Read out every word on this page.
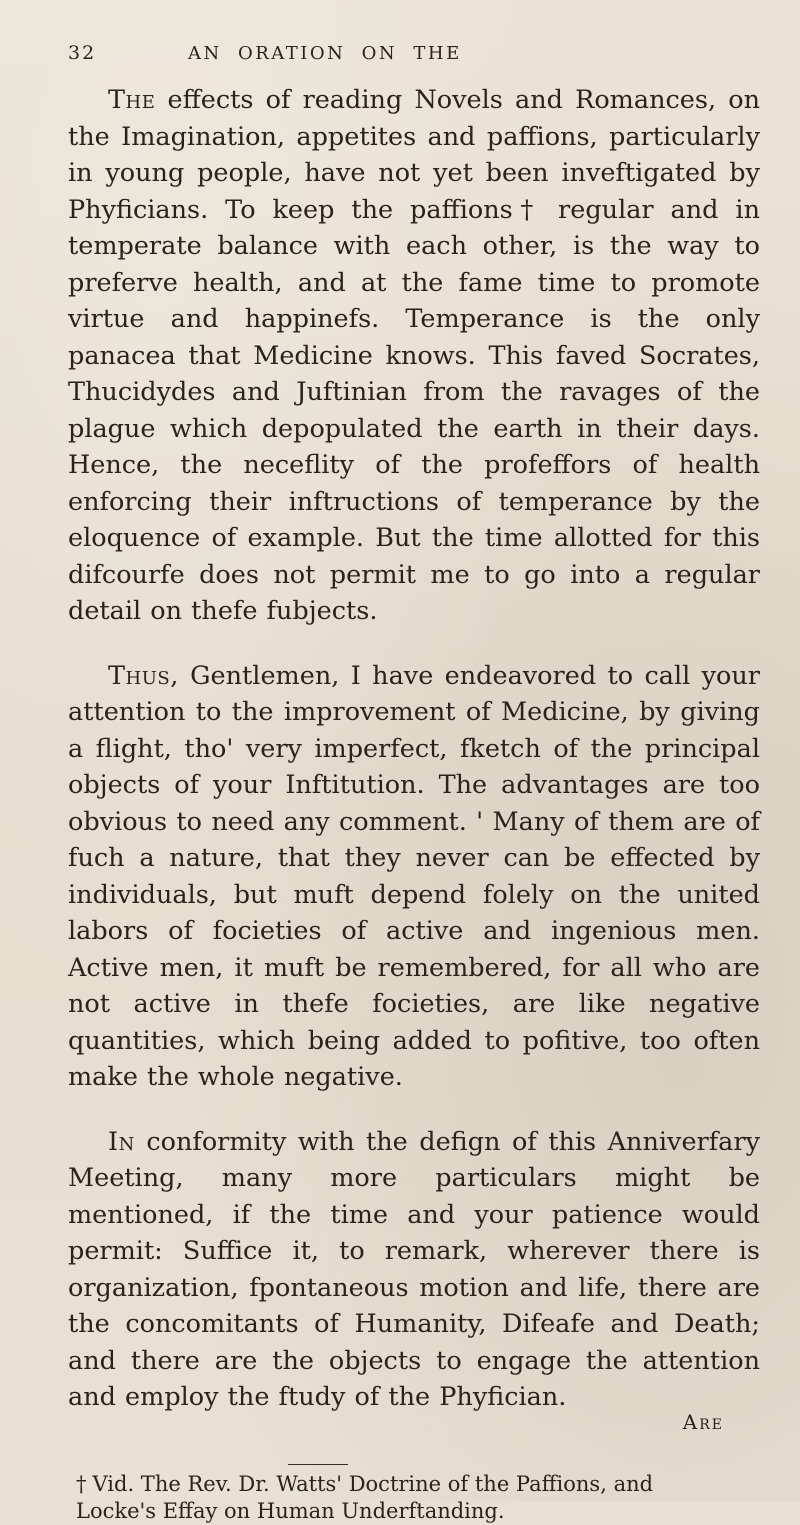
32	AN ORATION ON THE

The effects of reading Novels and Romances, on the Imagination, appetites and paffions, particularly in young people, have not yet been inveftigated by Phyficians. To keep the paffions† regular and in temperate balance with each other, is the way to preferve health, and at the fame time to promote virtue and happinefs. Temperance is the only panacea that Medicine knows. This faved Socrates, Thucidydes and Juftinian from the ravages of the plague which depopulated the earth in their days. Hence, the neceflity of the profeffors of health enforcing their inftructions of temperance by the eloquence of example. But the time allotted for this difcourfe does not permit me to go into a regular detail on thefe fubjects.

Thus, Gentlemen, I have endeavored to call your attention to the improvement of Medicine, by giving a flight, tho' very imperfect, fketch of the principal objects of your Inftitution. The advantages are too obvious to need any comment. ' Many of them are of fuch a nature, that they never can be effected by individuals, but muft depend folely on the united labors of focieties of active and ingenious men. Active men, it muft be remembered, for all who are not active in thefe focieties, are like negative quantities, which being added to pofitive, too often make the whole negative.

In conformity with the defign of this Anniverfary Meeting, many more particulars might be mentioned, if the time and your patience would permit: Suffice it, to remark, wherever there is organization, fpontaneous motion and life, there are the concomitants of Humanity, Difeafe and Death; and there are the objects to engage the attention and employ the ftudy of the Phyfician.

Are
† Vid. The Rev. Dr. Watts' Doctrine of the Paffions, and Locke's Effay on Human Underftanding.
